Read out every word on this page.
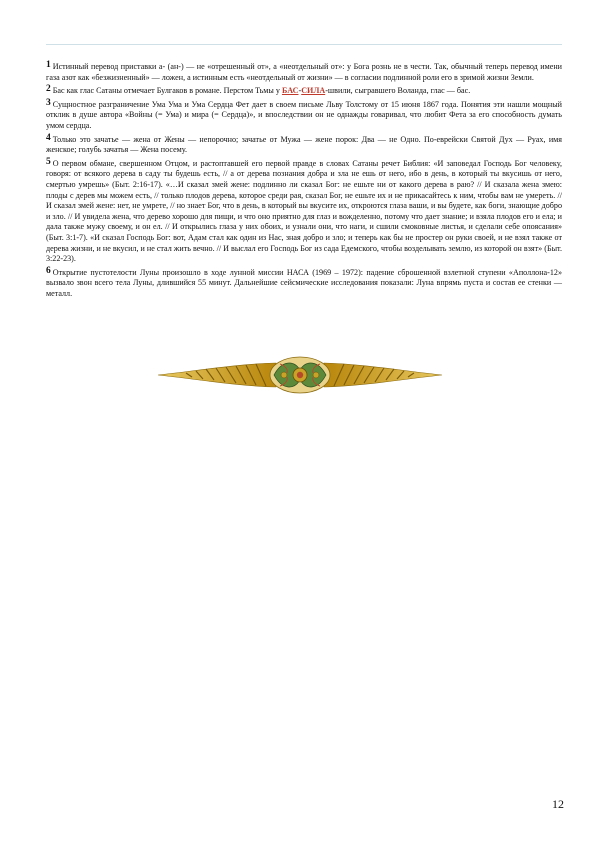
1 Истинный перевод приставки а- (ан-) — не «отрешенный от», а «неотдельный от»: у Бога рознь не в чести. Так, обычный теперь перевод имени газа азот как «безжизненный» — ложен, а истинным есть «неотдельный от жизни» — в согласии подлинной роли его в зримой жизни Земли.

2 Бас как глас Сатаны отмечает Булгаков в романе. Перстом Тьмы у БАС-СИЛА-швили, сыгравшего Воланда, глас — бас.

3 Сущностное разграничение Ума Ума и Ума Сердца Фет дает в своем письме Льву Толстому от 15 июня 1867 года. Понятия эти нашли мощный отклик в душе автора «Войны (= Ума) и мира (= Сердца)», и впоследствии он не однажды говаривал, что любит Фета за его способность думать умом сердца.

4 Только это зачатье — жена от Жены — непорочно; зачатье от Мужа — жене порок: Два — не Одно. По-еврейски Святой Дух — Руах, имя женское; голубь зачатья — Жена посему.

5 О первом обмане, свершенном Отцом, и растоптавшей его первой правде в словах Сатаны речет Библия: «И заповедал Господь Бог человеку, говоря: от всякого дерева в саду ты будешь есть, // а от дерева познания добра и зла не ешь от него, ибо в день, в который ты вкусишь от него, смертью умрешь» (Быт. 2:16-17). «…И сказал змей жене: подлинно ли сказал Бог: не ешьте ни от какого дерева в раю? // И сказала жена змею: плоды с дерев мы можем есть, // только плодов дерева, которое среди рая, сказал Бог, не ешьте их и не прикасайтесь к ним, чтобы вам не умереть. // И сказал змей жене: нет, не умрете, // но знает Бог, что в день, в который вы вкусите их, откроются глаза ваши, и вы будете, как боги, знающие добро и зло. // И увидела жена, что дерево хорошо для пищи, и что оно приятно для глаз и вожделенно, потому что дает знание; и взяла плодов его и ела; и дала также мужу своему, и он ел. // И открылись глаза у них обоих, и узнали они, что наги, и сшили смоковные листья, и сделали себе опоясания» (Быт. 3:1-7). «И сказал Господь Бог: вот, Адам стал как один из Нас, зная добро и зло; и теперь как бы не простер он руки своей, и не взял также от дерева жизни, и не вкусил, и не стал жить вечно. // И выслал его Господь Бог из сада Едемского, чтобы возделывать землю, из которой он взят» (Быт. 3:22-23).

6 Открытие пустотелости Луны произошло в ходе лунной миссии НАСА (1969 – 1972): падение сброшенной взлетной ступени «Аполлона-12» вызвало звон всего тела Луны, длившийся 55 минут. Дальнейшие сейсмические исследования показали: Луна впрямь пуста и состав ее стенки — металл.

12
